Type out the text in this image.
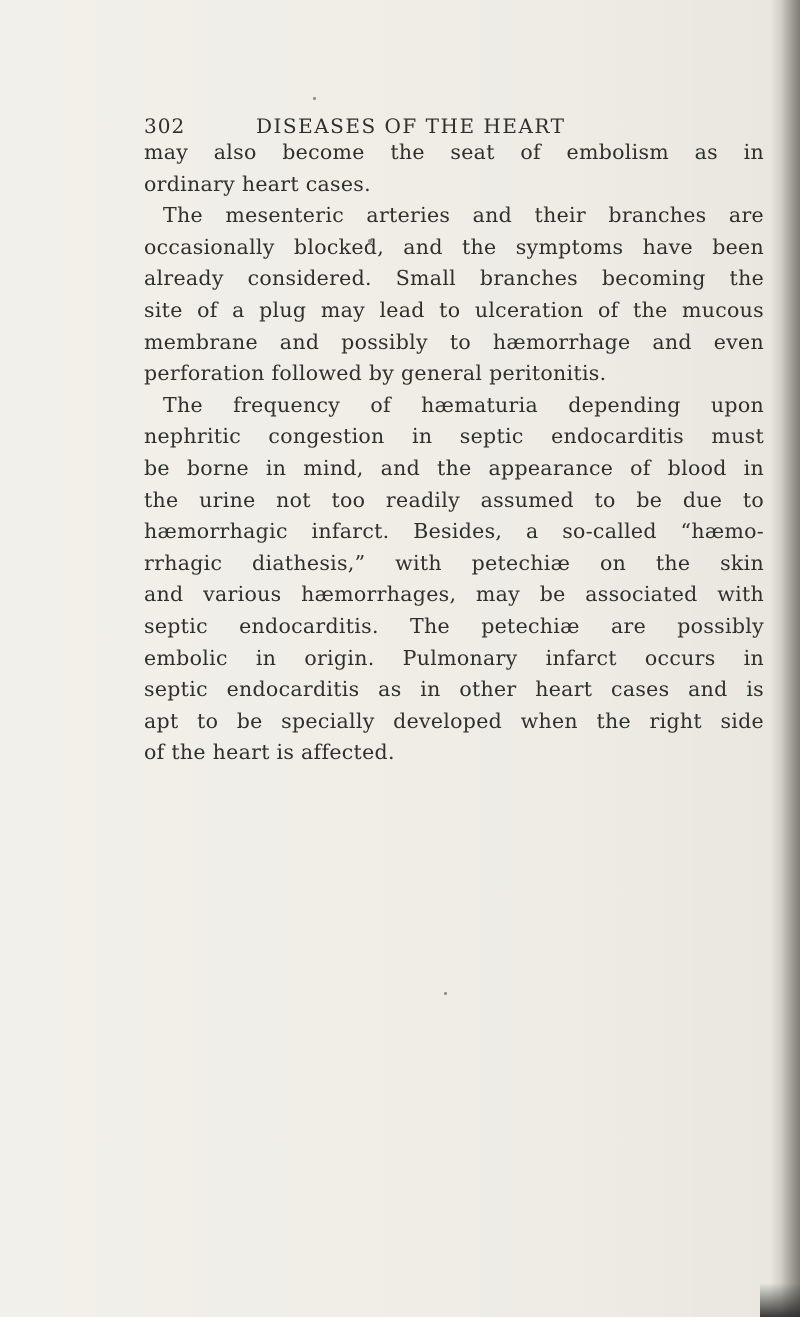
302	DISEASES OF THE HEART
may also become the seat of embolism as in
ordinary heart cases.
The mesenteric arteries and their branches are
occasionally blocked, and the symptoms have been
already considered. Small branches becoming the
site of a plug may lead to ulceration of the mucous
membrane and possibly to hæmorrhage and even
perforation followed by general peritonitis.
The frequency of hæmaturia depending upon
nephritic congestion in septic endocarditis must
be borne in mind, and the appearance of blood in
the urine not too readily assumed to be due to
hæmorrhagic infarct. Besides, a so-called “hæmo-
rrhagic diathesis,” with petechiæ on the skin
and various hæmorrhages, may be associated with
septic endocarditis. The petechiæ are possibly
embolic in origin. Pulmonary infarct occurs in
septic endocarditis as in other heart cases and is
apt to be specially developed when the right side
of the heart is affected.
